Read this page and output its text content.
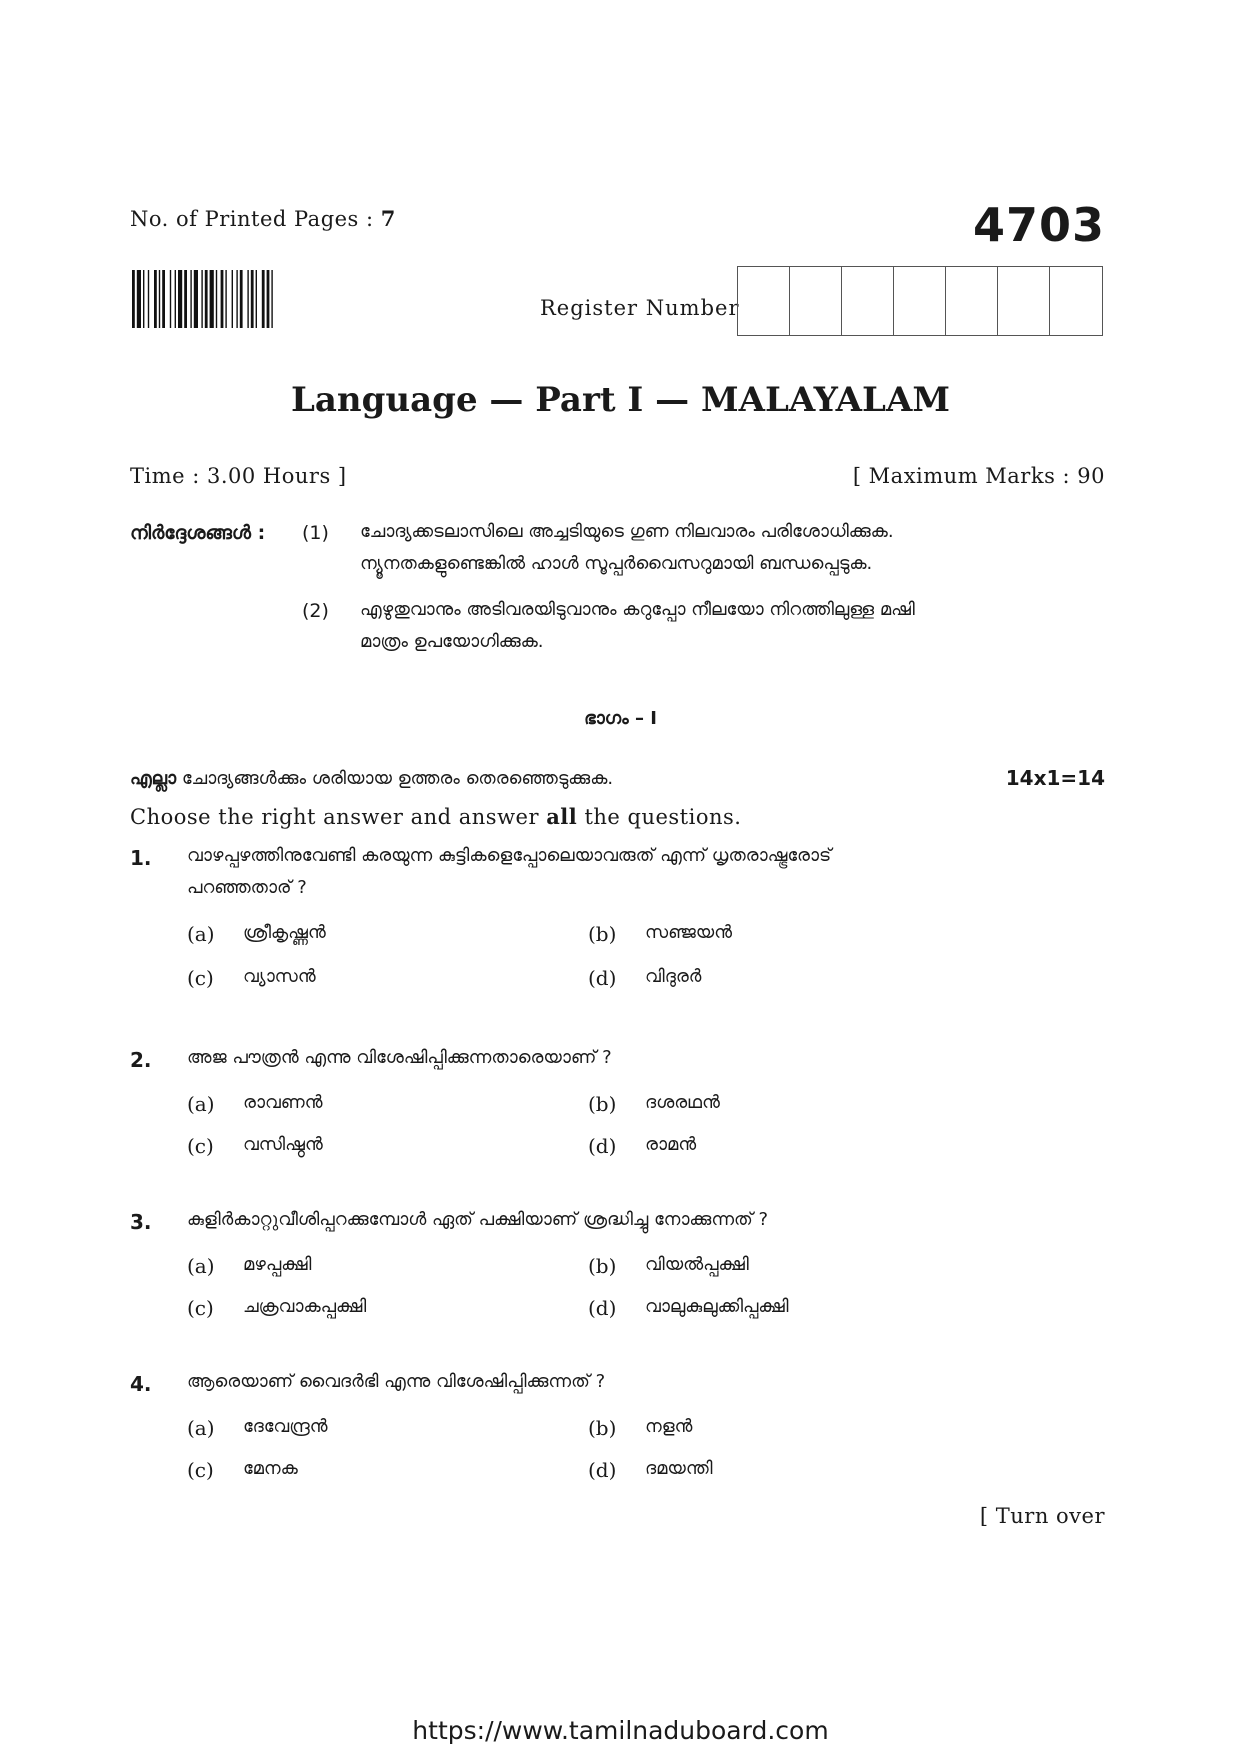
No. of Printed Pages : 7	4703
Register Number
Language — Part I — MALAYALAM
Time : 3.00 Hours ]	[ Maximum Marks : 90
നിർദ്ദേശങ്ങൾ : (1) ചോദ്യക്കടലാസിലെ അച്ചടിയുടെ ഗുണ നിലവാരം പരിശോധിക്കുക.
ന്യൂനതകളുണ്ടെങ്കിൽ ഹാൾ സൂപ്പർവൈസറുമായി ബന്ധപ്പെടുക.
(2) എഴുതുവാനും അടിവരയിടുവാനും കറുപ്പോ നീലയോ നിറത്തിലുള്ള മഷി
മാത്രം ഉപയോഗിക്കുക.
ഭാഗം – I
എല്ലാ ചോദ്യങ്ങൾക്കും ശരിയായ ഉത്തരം തെരഞ്ഞെടുക്കുക.	14x1=14
Choose the right answer and answer all the questions.
1. വാഴപ്പഴത്തിനുവേണ്ടി കരയുന്ന കുട്ടികളെപ്പോലെയാവരുത് എന്ന് ധൃതരാഷ്ട്രരോട്
പറഞ്ഞതാര് ?
(a) ശ്രീകൃഷ്ണൻ	(b) സഞ്ജയൻ
(c) വ്യാസൻ	(d) വിദുരർ
2. അജ പൗത്രൻ എന്നു വിശേഷിപ്പിക്കുന്നതാരെയാണ് ?
(a) രാവണൻ	(b) ദശരഥൻ
(c) വസിഷ്ഠൻ	(d) രാമൻ
3. കുളിർകാറ്റുവീശിപ്പറക്കുമ്പോൾ ഏത് പക്ഷിയാണ് ശ്രദ്ധിച്ചു നോക്കുന്നത് ?
(a) മഴപ്പക്ഷി	(b) വിയൽപ്പക്ഷി
(c) ചക്രവാകപ്പക്ഷി	(d) വാലുകുലുക്കിപ്പക്ഷി
4. ആരെയാണ് വൈദർഭി എന്നു വിശേഷിപ്പിക്കുന്നത് ?
(a) ദേവേന്ദ്രൻ	(b) നളൻ
(c) മേനക	(d) ദമയന്തി
[ Turn over
https://www.tamilnaduboard.com
